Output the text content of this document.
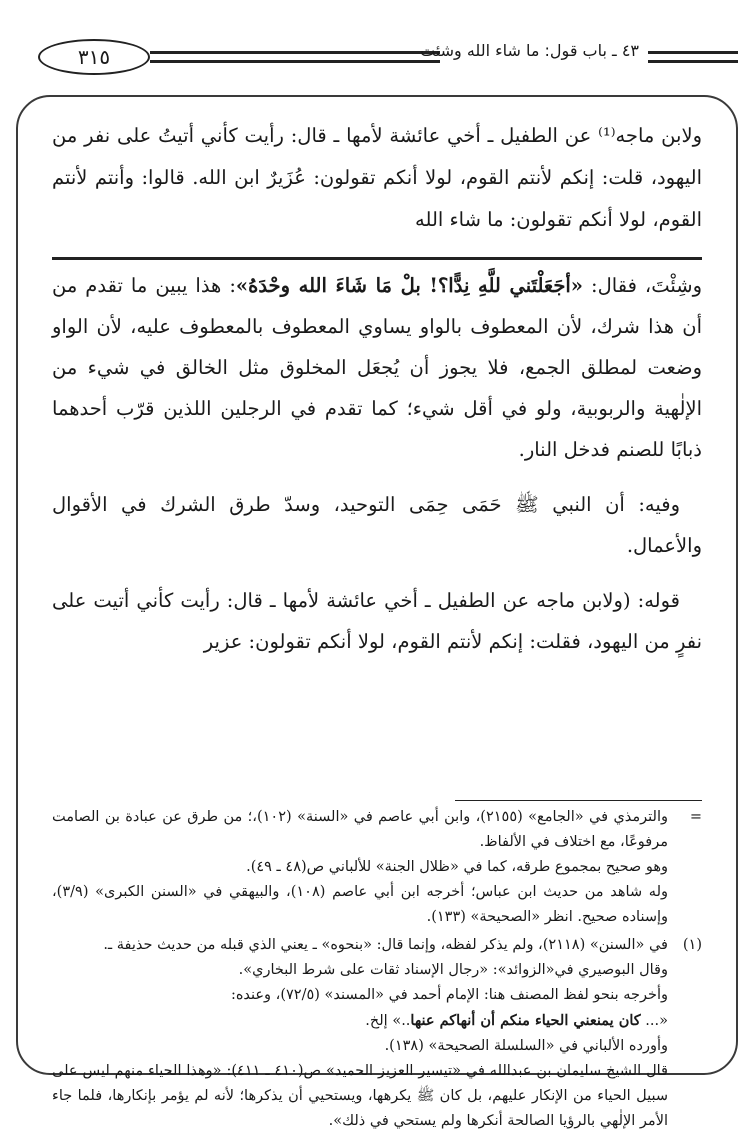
٣١٥	٤٣ ـ باب قول: ما شاء الله وشئت
ولابن ماجه⁽¹⁾ عن الطفيل ـ أخي عائشة لأمها ـ قال: رأيت كأني أتيتُ على نفر من اليهود، قلت: إنكم لأنتم القوم، لولا أنكم تقولون: عُزَيرٌ ابن الله. قالوا: وأنتم لأنتم القوم، لولا أنكم تقولون: ما شاء الله

وشِئْتَ، فقال: «أجَعَلْتَني للَّهِ نِدًّا؟! بلْ مَا شَاءَ الله وحْدَهُ»: هذا يبين ما تقدم من أن هذا شرك، لأن المعطوف بالواو يساوي المعطوف بالمعطوف عليه، لأن الواو وضعت لمطلق الجمع، فلا يجوز أن يُجعَل المخلوق مثل الخالق في شيء من الإلٰهية والربوبية، ولو في أقل شيء؛ كما تقدم في الرجلين اللذين قرّب أحدهما ذبابًا للصنم فدخل النار.

وفيه: أن النبي ﷺ حَمَى حِمَى التوحيد، وسدّ طرق الشرك في الأقوال والأعمال.

قوله: (ولابن ماجه عن الطفيل ـ أخي عائشة لأمها ـ قال: رأيت كأني أتيت على نفرٍ من اليهود، فقلت: إنكم لأنتم القوم، لولا أنكم تقولون: عزير

=

والترمذي في «الجامع» (٢١٥٥)، وابن أبي عاصم في «السنة» (١٠٢)،؛ من طرق عن عبادة بن الصامت مرفوعًا، مع اختلاف في الألفاظ.

وهو صحيح بمجموع طرقه، كما في «ظلال الجنة» للألباني ص(٤٨ ـ ٤٩).

وله شاهد من حديث ابن عباس؛ أخرجه ابن أبي عاصم (١٠٨)، والبيهقي في «السنن الكبرى» (٣/٩)، وإسناده صحيح. انظر «الصحيحة» (١٣٣).

(١)

في «السنن» (٢١١٨)، ولم يذكر لفظه، وإنما قال: «بنحوه» ـ يعني الذي قبله من حديث حذيفة ـ.

وقال البوصيري في«الزوائد»: «رجال الإسناد ثقات على شرط البخاري».

وأخرجه بنحو لفظ المصنف هنا: الإمام أحمد في «المسند» (٧٢/٥)، وعنده:

«... كان يمنعني الحياء منكم أن أنهاكم عنها..» إلخ.

وأورده الألباني في «السلسلة الصحيحة» (١٣٨).

قال الشيخ سليمان بن عبدالله في «تيسير العزيز الحميد» ص(٤١٠ ـ ٤١١): «وهذا الحياء منهم ليس على سبيل الحياء من الإنكار عليهم، بل كان ﷺ يكرهها، ويستحيي أن يذكرها؛ لأنه لم يؤمر بإنكارها، فلما جاء الأمر الإلٰهي بالرؤيا الصالحة أنكرها ولم يستحي في ذلك».
